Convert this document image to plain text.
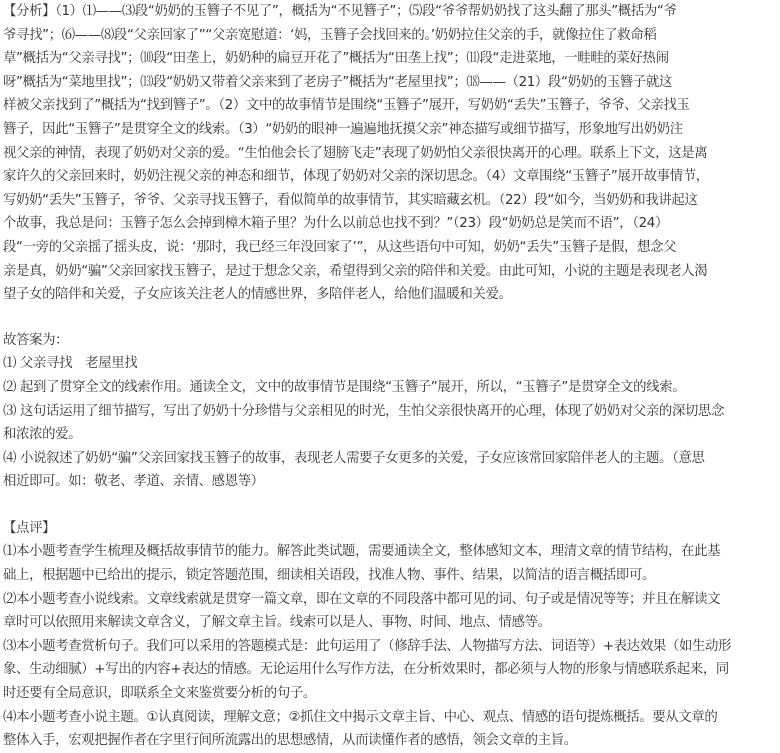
【分析】（1）⑴——⑶段“奶奶的玉簪子不见了”，概括为“不见簪子”；⑸段“爷爷帮奶奶找了这头翻了那头”概括为“爷
爷寻找”；⑹——⑻段“父亲回家了”“父亲宽慰道：‘妈，玉簪子会找回来的。’奶奶拉住父亲的手，就像拉住了救命稻
草”概括为“父亲寻找”；⑽段“田垄上，奶奶种的扁豆开花了”概括为“田垄上找”；⑾段“走进菜地，一畦畦的菜好热闹
呀”概括为“菜地里找”；⒀段“奶奶又带着父亲来到了老房子”概括为“老屋里找”；⒅——（21）段“奶奶的玉簪子就这
样被父亲找到了”概括为“找到簪子”。（2）文中的故事情节是围绕“玉簪子”展开，写奶奶“丢失”玉簪子，爷爷、父亲找玉
簪子，因此“玉簪子”是贯穿全文的线索。（3）“奶奶的眼神一遍遍地抚摸父亲”神态描写或细节描写，形象地写出奶奶注
视父亲的神情，表现了奶奶对父亲的爱。“生怕他会长了翅膀飞走”表现了奶奶怕父亲很快离开的心理。联系上下文，这是离
家许久的父亲回来时，奶奶注视父亲的神态和细节，体现了奶奶对父亲的深切思念。（4）文章围绕“玉簪子”展开故事情节，
写奶奶“丢失”玉簪子，爷爷、父亲寻找玉簪子，看似简单的故事情节，其实暗藏玄机。（22）段“如今，当奶奶和我讲起这
个故事，我总是问：玉簪子怎么会掉到樟木箱子里？为什么以前总也找不到？”（23）段“奶奶总是笑而不语”，（24）
段“一旁的父亲摇了摇头皮，说：‘那时，我已经三年没回家了’”，从这些语句中可知，奶奶“丢失”玉簪子是假，想念父
亲是真，奶奶“骗”父亲回家找玉簪子，是过于想念父亲，希望得到父亲的陪伴和关爱。由此可知，小说的主题是表现老人渴
望子女的陪伴和关爱，子女应该关注老人的情感世界，多陪伴老人，给他们温暖和关爱。

故答案为：
⑴ 父亲寻找　老屋里找
⑵ 起到了贯穿全文的线索作用。通读全文，文中的故事情节是围绕“玉簪子”展开，所以，“玉簪子”是贯穿全文的线索。
⑶ 这句话运用了细节描写，写出了奶奶十分珍惜与父亲相见的时光，生怕父亲很快离开的心理，体现了奶奶对父亲的深切思念
和浓浓的爱。
⑷ 小说叙述了奶奶“骗”父亲回家找玉簪子的故事，表现老人需要子女更多的关爱，子女应该常回家陪伴老人的主题。（意思
相近即可。如：敬老、孝道、亲情、感恩等）
【点评】
⑴本小题考查学生梳理及概括故事情节的能力。解答此类试题，需要通读全文，整体感知文本，理清文章的情节结构，在此基
础上，根据题中已给出的提示，锁定答题范围，细读相关语段，找准人物、事件、结果，以简洁的语言概括即可。
⑵本小题考查小说线索。文章线索就是贯穿一篇文章，即在文章的不同段落中都可见的词、句子或是情况等等；并且在解读文
章时可以依照用来解读文章含义，了解文章主旨。线索可以是人、事物、时间、地点、情感等。
⑶本小题考查赏析句子。我们可以采用的答题模式是：此句运用了（修辞手法、人物描写方法、词语等）+表达效果（如生动形
象、生动细腻）+写出的内容+表达的情感。无论运用什么写作方法，在分析效果时，都必须与人物的形象与情感联系起来，同
时还要有全局意识，即联系全文来鉴赏要分析的句子。
⑷本小题考查小说主题。①认真阅读，理解文意；②抓住文中揭示文章主旨、中心、观点、情感的语句提炼概括。要从文章的
整体入手，宏观把握作者在字里行间所流露出的思想感情，从而读懂作者的感悟，领会文章的主旨。
